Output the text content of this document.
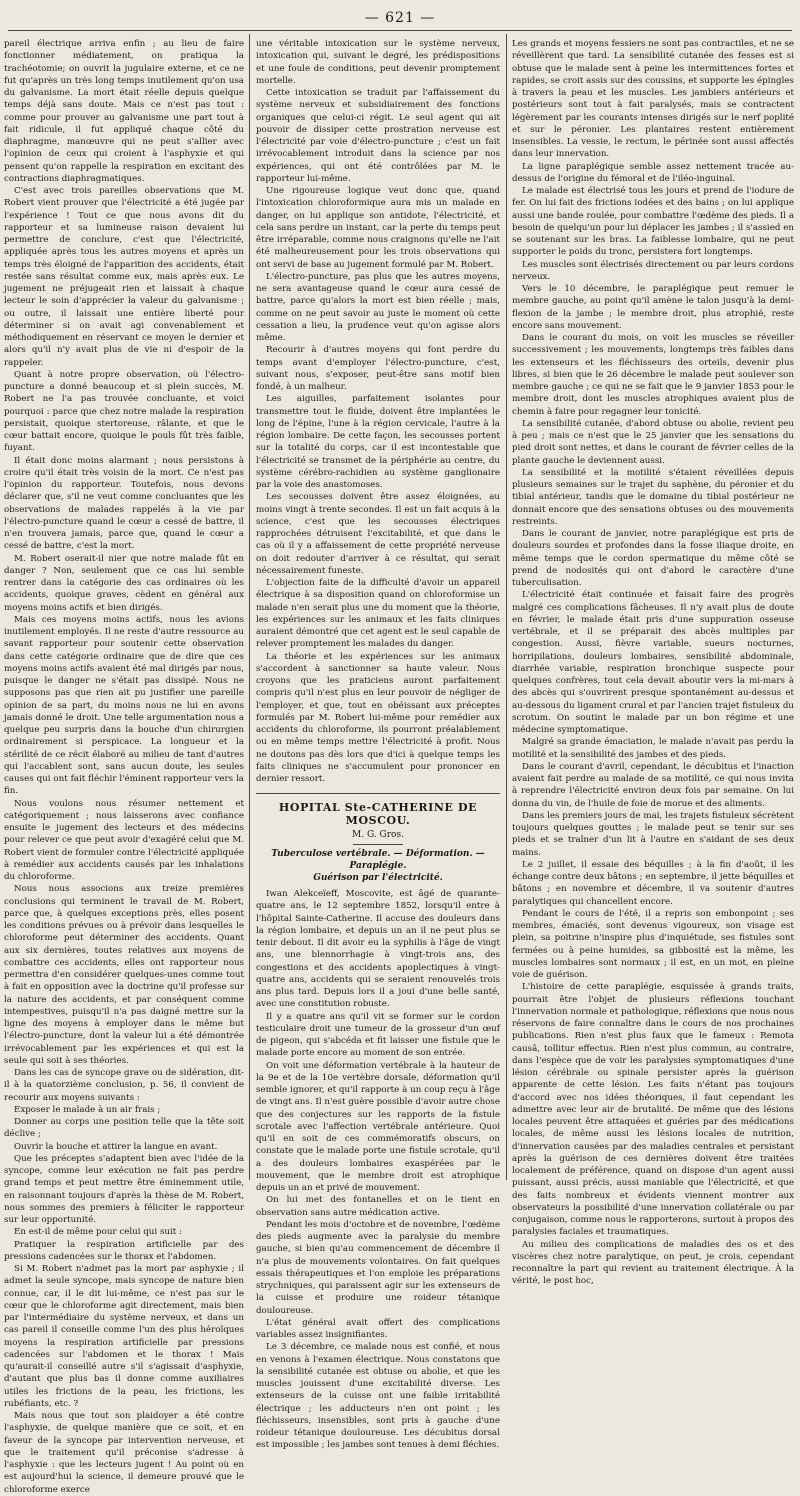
— 621 —

pareil électrique arriva enfin ; au lieu de faire fonctionner médiatement, on pratiqua la trachéotomie; on ouvrit la jugulaire externe, et ce ne fut qu'après un très long temps inutilement qu'on usa du galvanisme. La mort était réelle depuis quelque temps déjà sans doute. Mais ce n'est pas tout : comme pour prouver au galvanisme une part tout à fait ridicule, il fut appliqué chaque côté du diaphragme, manœuvre qui ne peut s'allier avec l'opinion de ceux qui croient à l'asphyxie et qui pensent qu'on rappelle la respiration en excitant des contractions diaphragmatiques.

C'est avec trois pareilles observations que M. Robert vient prouver que l'électricité a été jugée par l'expérience ! Tout ce que nous avons dit du rapporteur et sa lumineuse raison devaient lui permettre de conclure, c'est que l'électricité, appliquée après tous les autres moyens et après un temps très éloigné de l'apparition des accidents, était restée sans résultat comme eux, mais après eux. Le jugement ne préjugeait rien et laissait à chaque lecteur le soin d'apprécier la valeur du galvanisme ; ou outre, il laissait une entière liberté pour déterminer si on avait agi convenablement et méthodiquement en réservant ce moyen le dernier et alors qu'il n'y avait plus de vie ni d'espoir de la rappeler.

Quant à notre propre observation, où l'électro-puncture a donné beaucoup et si plein succès, M. Robert ne l'a pas trouvée concluante, et voici pourquoi : parce que chez notre malade la respiration persistait, quoique stertoreuse, râlante, et que le cœur battait encore, quoique le pouls fût très faible, fuyant.

Il était donc moins alarmant ; nous persistons à croire qu'il était très voisin de la mort. Ce n'est pas l'opinion du rapporteur. Toutefois, nous devons déclarer que, s'il ne veut comme concluantes que les observations de malades rappelés à la vie par l'électro-puncture quand le cœur a cessé de battre, il n'en trouvera jamais, parce que, quand le cœur a cessé de battre, c'est la mort.

M. Robert oserait-il nier que notre malade fût en danger ? Non, seulement que ce cas lui semble rentrer dans la catégorie des cas ordinaires où les accidents, quoique graves, cèdent en général aux moyens moins actifs et bien dirigés.

Mais ces moyens moins actifs, nous les avions inutilement employés. Il ne reste d'autre ressource au savant rapporteur pour soutenir cette observation dans cette catégorie ordinaire que de dire que ces moyens moins actifs avaient été mal dirigés par nous, puisque le danger ne s'était pas dissipé. Nous ne supposons pas que rien ait pu justifier une pareille opinion de sa part, du moins nous ne lui en avons jamais donné le droit. Une telle argumentation nous a quelque peu surpris dans la bouche d'un chirurgien ordinairement si perspicace. La longueur et la stérilité de ce récit élaboré au milieu de tant d'autres qui l'accablent sont, sans aucun doute, les seules causes qui ont fait fléchir l'éminent rapporteur vers la fin.

Nous voulons nous résumer nettement et catégoriquement ; nous laisserons avec confiance ensuite le jugement des lecteurs et des médecins pour relever ce que peut avoir d'exagéré celui que M. Robert vient de formuler contre l'électricité appliquée à remédier aux accidents causés par les inhalations du chloroforme.

Nous nous associons aux treize premières conclusions qui terminent le travail de M. Robert, parce que, à quelques exceptions près, elles posent les conditions prévues ou à prévoir dans lesquelles le chloroforme peut déterminer des accidents. Quant aux six dernières, toutes relatives aux moyens de combattre ces accidents, elles ont rapporteur nous permettra d'en considérer quelques-unes comme tout à fait en opposition avec la doctrine qu'il professe sur la nature des accidents, et par conséquent comme intempestives, puisqu'il n'a pas daigné mettre sur la ligne des moyens à employer dans le même but l'électro-puncture, dont la valeur lui a été démontrée irrévocablement par les expériences et qui est la seule qui soit à ses théories.

Dans les cas de syncope grave ou de sidération, dit-il à la quatorzième conclusion, p. 56, il convient de recourir aux moyens suivants :

Exposer le malade à un air frais ;

Donner au corps une position telle que la tête soit déclive ;

Ouvrir la bouche et attirer la langue en avant.

Que les préceptes s'adaptent bien avec l'idée de la syncope, comme leur exécution ne fait pas perdre grand temps et peut mettre être éminemment utile, en raisonnant toujours d'après la thèse de M. Robert, nous sommes des premiers à féliciter le rapporteur sur leur opportunité.

En est-il de même pour celui qui suit :

Pratiquer la respiration artificielle par des pressions cadencées sur le thorax et l'abdomen.

Si M. Robert n'admet pas la mort par asphyxie ; il admet la seule syncope, mais syncope de nature bien connue, car, il le dit lui-même, ce n'est pas sur le cœur que le chloroforme agit directement, mais bien par l'intermédiaire du système nerveux, et dans un cas pareil il conseille comme l'un des plus héroïques moyens la respiration artificielle par pressions cadencées sur l'abdomen et le thorax ! Mais qu'aurait-il conseillé autre s'il s'agissait d'asphyxie, d'autant que plus bas il donne comme auxiliaires utiles les frictions de la peau, les frictions, les rubéfiants, etc. ?

Mais nous que tout son plaidoyer a été contre l'asphyxie, de quelque manière que ce soit, et en faveur de la syncope par intervention nerveuse, et que le traitement qu'il préconise s'adresse à l'asphyxie : que les lecteurs jugent ! Au point où en est aujourd'hui la science, il demeure prouvé que le chloroforme exerce

une véritable intoxication sur le système nerveux, intoxication qui, suivant le degré, les prédispositions et une foule de conditions, peut devenir promptement mortelle.

Cette intoxication se traduit par l'affaissement du système nerveux et subsidiairement des fonctions organiques que celui-ci régit. Le seul agent qui ait pouvoir de dissiper cette prostration nerveuse est l'électricité par voie d'électro-puncture ; c'est un fait irrévocablement introduit dans la science par nos expériences, qui ont été contrôlées par M. le rapporteur lui-même.

Une rigoureuse logique veut donc que, quand l'intoxication chloroformique aura mis un malade en danger, on lui applique son antidote, l'électricité, et cela sans perdre un instant, car la perte du temps peut être irréparable, comme nous craignons qu'elle ne l'ait été malheureusement pour les trois observations qui ont servi de base au jugement formulé par M. Robert.

L'électro-puncture, pas plus que les autres moyens, ne sera avantageuse quand le cœur aura cessé de battre, parce qu'alors la mort est bien réelle ; mais, comme on ne peut savoir au juste le moment où cette cessation a lieu, la prudence veut qu'on agisse alors même.

Recourir à d'autres moyens qui font perdre du temps avant d'employer l'électro-puncture, c'est, suivant nous, s'exposer, peut-être sans motif bien fondé, à un malheur.

Les aiguilles, parfaitement isolantes pour transmettre tout le fluide, doivent être implantées le long de l'épine, l'une à la région cervicale, l'autre à la région lombaire. De cette façon, les secousses portent sur la totalité du corps, car il est incontestable que l'électricité se transmet de la périphérie au centre, du système cérébro-rachidien au système ganglionaire par la voie des anastomoses.

Les secousses doivent être assez éloignées, au moins vingt à trente secondes. Il est un fait acquis à la science, c'est que les secousses électriques rapprochées détruisent l'excitabilité, et que dans le cas où il y a affaissement de cette propriété nerveuse on doit redouter d'arriver à ce résultat, qui serait nécessairement funeste.

L'objection faite de la difficulté d'avoir un appareil électrique à sa disposition quand on chloroformise un malade n'en serait plus une du moment que la théorie, les expériences sur les animaux et les faits cliniques auraient démontré que cet agent est le seul capable de relever promptement les malades du danger.

La théorie et les expériences sur les animaux s'accordent à sanctionner sa haute valeur. Nous croyons que les praticiens auront parfaitement compris qu'il n'est plus en leur pouvoir de négliger de l'employer, et que, tout en obéissant aux préceptes formulés par M. Robert lui-même pour remédier aux accidents du chloroforme, ils pourront préalablement ou en même temps mettre l'électricité à profit. Nous ne doutons pas dès lors que d'ici à quelque temps les faits cliniques ne s'accumulent pour prononcer en dernier ressort.

HOPITAL Ste-CATHERINE DE MOSCOU.
M. G. Gros.
Tuberculose vertébrale. — Déformation. — Paraplégie.
Guérison par l'électricité.

Iwan Alekceïeff, Moscovite, est âgé de quarante-quatre ans, le 12 septembre 1852, lorsqu'il entre à l'hôpital Sainte-Catherine. Il accuse des douleurs dans la région lombaire, et depuis un an il ne peut plus se tenir debout. Il dit avoir eu la syphilis à l'âge de vingt ans, une blennorrhagie à vingt-trois ans, des congestions et des accidents apoplectiques à vingt-quatre ans, accidents qui se seraient renouvelés trois ans plus tard. Depuis lors il a joui d'une belle santé, avec une constitution robuste.

Il y a quatre ans qu'il vit se former sur le cordon testiculaire droit une tumeur de la grosseur d'un œuf de pigeon, qui s'abcéda et fit laisser une fistule que le malade porte encore au moment de son entrée.

On voit une déformation vertébrale à la hauteur de la 9e et de la 10e vertèbre dorsale, déformation qu'il semble ignorer, et qu'il rapporte à un coup reçu à l'âge de vingt ans. Il n'est guère possible d'avoir autre chose que des conjectures sur les rapports de la fistule scrotale avec l'affection vertébrale antérieure. Quoi qu'il en soit de ces commémoratifs obscurs, on constate que le malade porte une fistule scrotale, qu'il a des douleurs lombaires exaspérées par le mouvement, que le membre droit est atrophique depuis un an et privé de mouvement.

On lui met des fontanelles et on le tient en observation sans autre médication active.

Pendant les mois d'octobre et de novembre, l'œdème des pieds augmente avec la paralysie du membre gauche, si bien qu'au commencement de décembre il n'a plus de mouvements volontaires. On fait quelques essais thérapeutiques et l'on emploie les préparations strychniques, qui paraissent agir sur les extenseurs de la cuisse et produire une roideur tétanique douloureuse.

L'état général avait offert des complications variables assez insignifiantes.

Le 3 décembre, ce malade nous est confié, et nous en venons à l'examen électrique. Nous constatons que la sensibilité cutanée est obtuse ou abolie, et que les muscles jouissent d'une excitabilité diverse. Les extenseurs de la cuisse ont une faible irritabilité électrique ; les adducteurs n'en ont point ; les fléchisseurs, insensibles, sont pris à gauche d'une roideur tétanique douloureuse. Les décubitus dorsal est impossible ; les jambes sont tenues à demi fléchies.

Les grands et moyens fessiers ne sont pas contractiles, et ne se réveillèrent que tard. La sensibilité cutanée des fesses est si obtuse que le malade sent à peine les intermittences fortes et rapides, se croit assis sur des coussins, et supporte les épingles à travers la peau et les muscles. Les jambiers antérieurs et postérieurs sont tout à fait paralysés, mais se contractent légèrement par les courants intenses dirigés sur le nerf poplité et sur le péronier. Les plantaires restent entièrement insensibles. La vessie, le rectum, le périnée sont aussi affectés dans leur innervation.

La ligne paraplégique semble assez nettement tracée au-dessus de l'origine du fémoral et de l'iléo-inguinal.

Le malade est électrisé tous les jours et prend de l'iodure de fer. On lui fait des frictions iodées et des bains ; on lui applique aussi une bande roulée, pour combattre l'œdème des pieds. Il a besoin de quelqu'un pour lui déplacer les jambes ; il s'assied en se soutenant sur les bras. La faiblesse lombaire, qui ne peut supporter le poids du tronc, persistera fort longtemps.

Les muscles sont électrisés directement ou par leurs cordons nerveux.

Vers le 10 décembre, le paraplégique peut remuer le membre gauche, au point qu'il amène le talon jusqu'à la demi-flexion de la jambe ; le membre droit, plus atrophié, reste encore sans mouvement.

Dans le courant du mois, on voit les muscles se réveiller successivement ; les mouvements, longtemps très faibles dans les extenseurs et les fléchisseurs des orteils, devenir plus libres, si bien que le 26 décembre le malade peut soulever son membre gauche ; ce qui ne se fait que le 9 janvier 1853 pour le membre droit, dont les muscles atrophiques avaient plus de chemin à faire pour regagner leur tonicité.

La sensibilité cutanée, d'abord obtuse ou abolie, revient peu à peu ; mais ce n'est que le 25 janvier que les sensations du pied droit sont nettes, et dans le courant de février celles de la plante gauche le deviennent aussi.

La sensibilité et la motilité s'étaient réveillées depuis plusieurs semaines sur le trajet du saphène, du péronier et du tibial antérieur, tandis que le domaine du tibial postérieur ne donnait encore que des sensations obtuses ou des mouvements restreints.

Dans le courant de janvier, notre paraplégique est pris de douleurs sourdes et profondes dans la fosse iliaque droite, en même temps que le cordon spermatique du même côté se prend de nodosités qui ont d'abord le caractère d'une tuberculisation.

L'électricité était continuée et faisait faire des progrès malgré ces complications fâcheuses. Il n'y avait plus de doute en février, le malade était pris d'une suppuration osseuse vertébrale, et il se préparait des abcès multiples par congestion. Aussi, fièvre variable, sueurs nocturnes, horripilations, douleurs lombaires, sensibilité abdominale, diarrhée variable, respiration bronchique suspecte pour quelques confrères, tout cela devait aboutir vers la mi-mars à des abcès qui s'ouvrirent presque spontanément au-dessus et au-dessous du ligament crural et par l'ancien trajet fistuleux du scrotum. On soutint le malade par un bon régime et une médecine symptomatique.

Malgré sa grande émaciation, le malade n'avait pas perdu la motilité et la sensibilité des jambes et des pieds.

Dans le courant d'avril, cependant, le décubitus et l'inaction avaient fait perdre au malade de sa motilité, ce qui nous invita à reprendre l'électricité environ deux fois par semaine. On lui donna du vin, de l'huile de foie de morue et des aliments.

Dans les premiers jours de mai, les trajets fistuleux sécrètent toujours quelques gouttes ; le malade peut se tenir sur ses pieds et se traîner d'un lit à l'autre en s'aidant de ses deux mains.

Le 2 juillet, il essaie des béquilles ; à la fin d'août, il les échange contre deux bâtons ; en septembre, il jette béquilles et bâtons ; en novembre et décembre, il va soutenir d'autres paralytiques qui chancellent encore.

Pendant le cours de l'été, il a repris son embonpoint ; ses membres, émaciés, sont devenus vigoureux, son visage est plein, sa poitrine n'inspire plus d'inquiétude, ses fistules sont fermées ou à peine humides, sa gibbosité est la même, les muscles lombaires sont normaux ; il est, en un mot, en pleine voie de guérison.

L'histoire de cette paraplégie, esquissée à grands traits, pourrait être l'objet de plusieurs réflexions touchant l'innervation normale et pathologique, réflexions que nous nous réservons de faire connaître dans le cours de nos prochaines publications. Rien n'est plus faux que le fameux : Remota causâ, tollitur effectus. Rien n'est plus commun, au contraire, dans l'espèce que de voir les paralysies symptomatiques d'une lésion cérébrale ou spinale persister après la guérison apparente de cette lésion. Les faits n'étant pas toujours d'accord avec nos idées théoriques, il faut cependant les admettre avec leur air de brutalité. De même que des lésions locales peuvent être attaquées et guéries par des médications locales, de même aussi les lésions locales de nutrition, d'innervation causées par des maladies centrales et persistant après la guérison de ces dernières doivent être traitées localement de préférence, quand on dispose d'un agent aussi puissant, aussi précis, aussi maniable que l'électricité, et que des faits nombreux et évidents viennent montrer aux observateurs la possibilité d'une innervation collatérale ou par conjugaison, comme nous le rapporterons, surtout à propos des paralysies faciales et traumatiques.

Au milieu des complications de maladies des os et des viscères chez notre paralytique, on peut, je crois, cependant reconnaître la part qui revient au traitement électrique. À la vérité, le post hoc,
